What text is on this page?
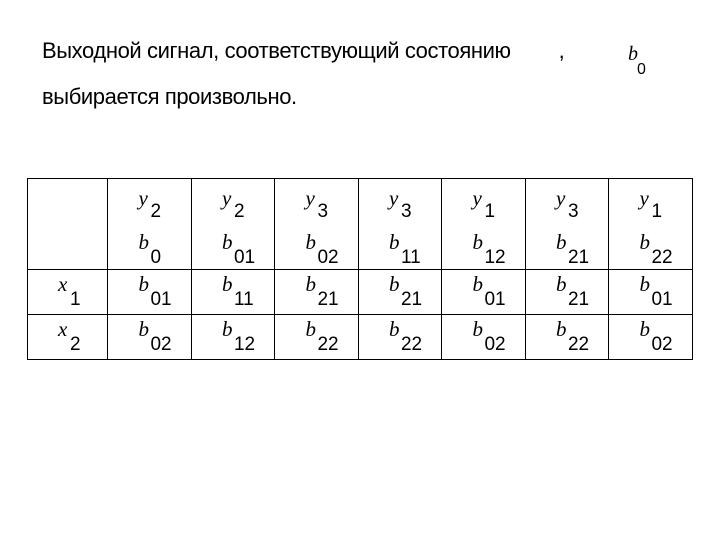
Выходной сигнал, соответствующий состоянию ,	b
0
выбирается произвольно.

	y
2
b
0	y
2
b
01	y
3
b
02	y
3
b
11	y
1
b
12	y
3
b
21	y
1
b
22

x
1	b
01	b
11	b
21	b
21	b
01	b
21	b
01

x
2	b
02	b
12	b
22	b
22	b
02	b
22	b
02
